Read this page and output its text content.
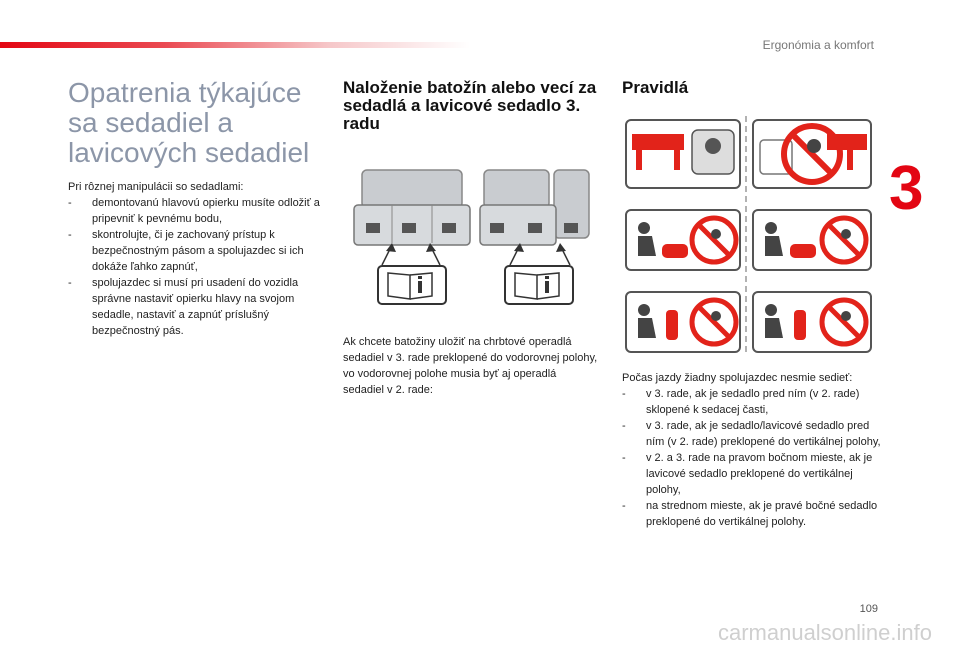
Ergonómia a komfort
3
Opatrenia týkajúce sa sedadiel a lavicových sedadiel

Pri rôznej manipulácii so sedadlami:

- demontovanú hlavovú opierku musíte odložiť a pripevniť k pevnému bodu,
- skontrolujte, či je zachovaný prístup k bezpečnostným pásom a spolujazdec si ich dokáže ľahko zapnúť,
- spolujazdec si musí pri usadení do vozidla správne nastaviť opierku hlavy na svojom sedadle, nastaviť a zapnúť príslušný bezpečnostný pás.
Naloženie batožín alebo vecí za sedadlá a lavicové sedadlo 3. radu
Ak chcete batožiny uložiť na chrbtové operadlá sedadiel v 3. rade preklopené do vodorovnej polohy, vo vodorovnej polohe musia byť aj operadlá sedadiel v 2. rade:
Pravidlá

Počas jazdy žiadny spolujazdec nesmie sedieť:

- v 3. rade, ak je sedadlo pred ním (v 2. rade) sklopené k sedacej časti,
- v 3. rade, ak je sedadlo/lavicové sedadlo pred ním (v 2. rade) preklopené do vertikálnej polohy,
- v 2. a 3. rade na pravom bočnom mieste, ak je lavicové sedadlo preklopené do vertikálnej polohy,
- na strednom mieste, ak je pravé bočné sedadlo preklopené do vertikálnej polohy.
109
carmanualsonline.info
